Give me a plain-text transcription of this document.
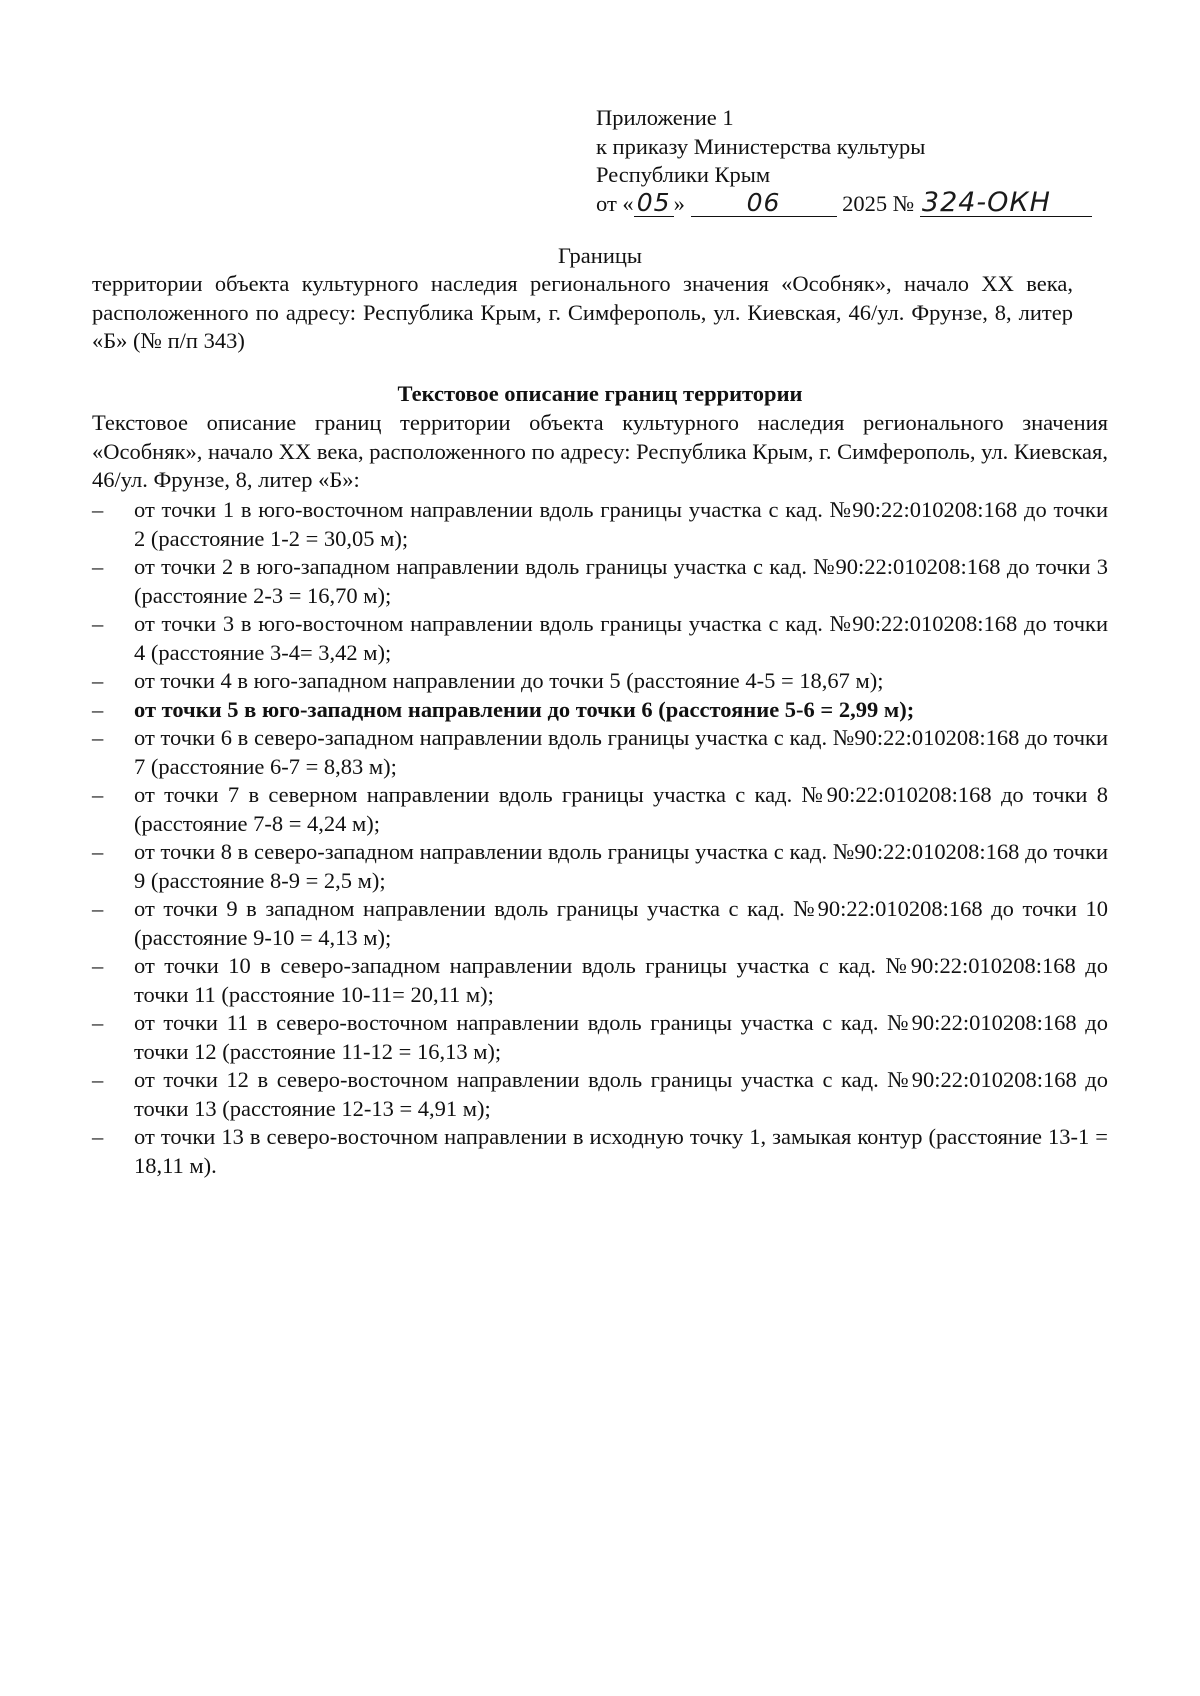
Приложение 1
к приказу Министерства культуры
Республики Крым
от « 05 » 06	2025 № 324-ОКН
Границы
территории объекта культурного наследия регионального значения «Особняк», начало XX века, расположенного по адресу: Республика Крым, г. Симферополь, ул. Киевская, 46/ул. Фрунзе, 8, литер «Б» (№ п/п 343)
Текстовое описание границ территории
Текстовое описание границ территории объекта культурного наследия регионального значения «Особняк», начало XX века, расположенного по адресу: Республика Крым, г. Симферополь, ул. Киевская, 46/ул. Фрунзе, 8, литер «Б»:
–	от точки 1 в юго-восточном направлении вдоль границы участка с кад. №90:22:010208:168 до точки 2 (расстояние 1-2 = 30,05 м);
–	от точки 2 в юго-западном направлении вдоль границы участка с кад. №90:22:010208:168 до точки 3 (расстояние 2-3 = 16,70 м);
–	от точки 3 в юго-восточном направлении вдоль границы участка с кад. №90:22:010208:168 до точки 4 (расстояние 3-4= 3,42 м);
–	от точки 4 в юго-западном направлении до точки 5 (расстояние 4-5 = 18,67 м);
–	от точки 5 в юго-западном направлении до точки 6 (расстояние 5-6 = 2,99 м);
–	от точки 6 в северо-западном направлении вдоль границы участка с кад. №90:22:010208:168 до точки 7 (расстояние 6-7 = 8,83 м);
–	от точки 7 в северном направлении вдоль границы участка с кад. №90:22:010208:168 до точки 8 (расстояние 7-8 = 4,24 м);
–	от точки 8 в северо-западном направлении вдоль границы участка с кад. №90:22:010208:168 до точки 9 (расстояние 8-9 = 2,5 м);
–	от точки 9 в западном направлении вдоль границы участка с кад. №90:22:010208:168 до точки 10 (расстояние 9-10 = 4,13 м);
–	от точки 10 в северо-западном направлении вдоль границы участка с кад. №90:22:010208:168 до точки 11 (расстояние 10-11= 20,11 м);
–	от точки 11 в северо-восточном направлении вдоль границы участка с кад. №90:22:010208:168 до точки 12 (расстояние 11-12 = 16,13 м);
–	от точки 12 в северо-восточном направлении вдоль границы участка с кад. №90:22:010208:168 до точки 13 (расстояние 12-13 = 4,91 м);
–	от точки 13 в северо-восточном направлении в исходную точку 1, замыкая контур (расстояние 13-1 = 18,11 м).
